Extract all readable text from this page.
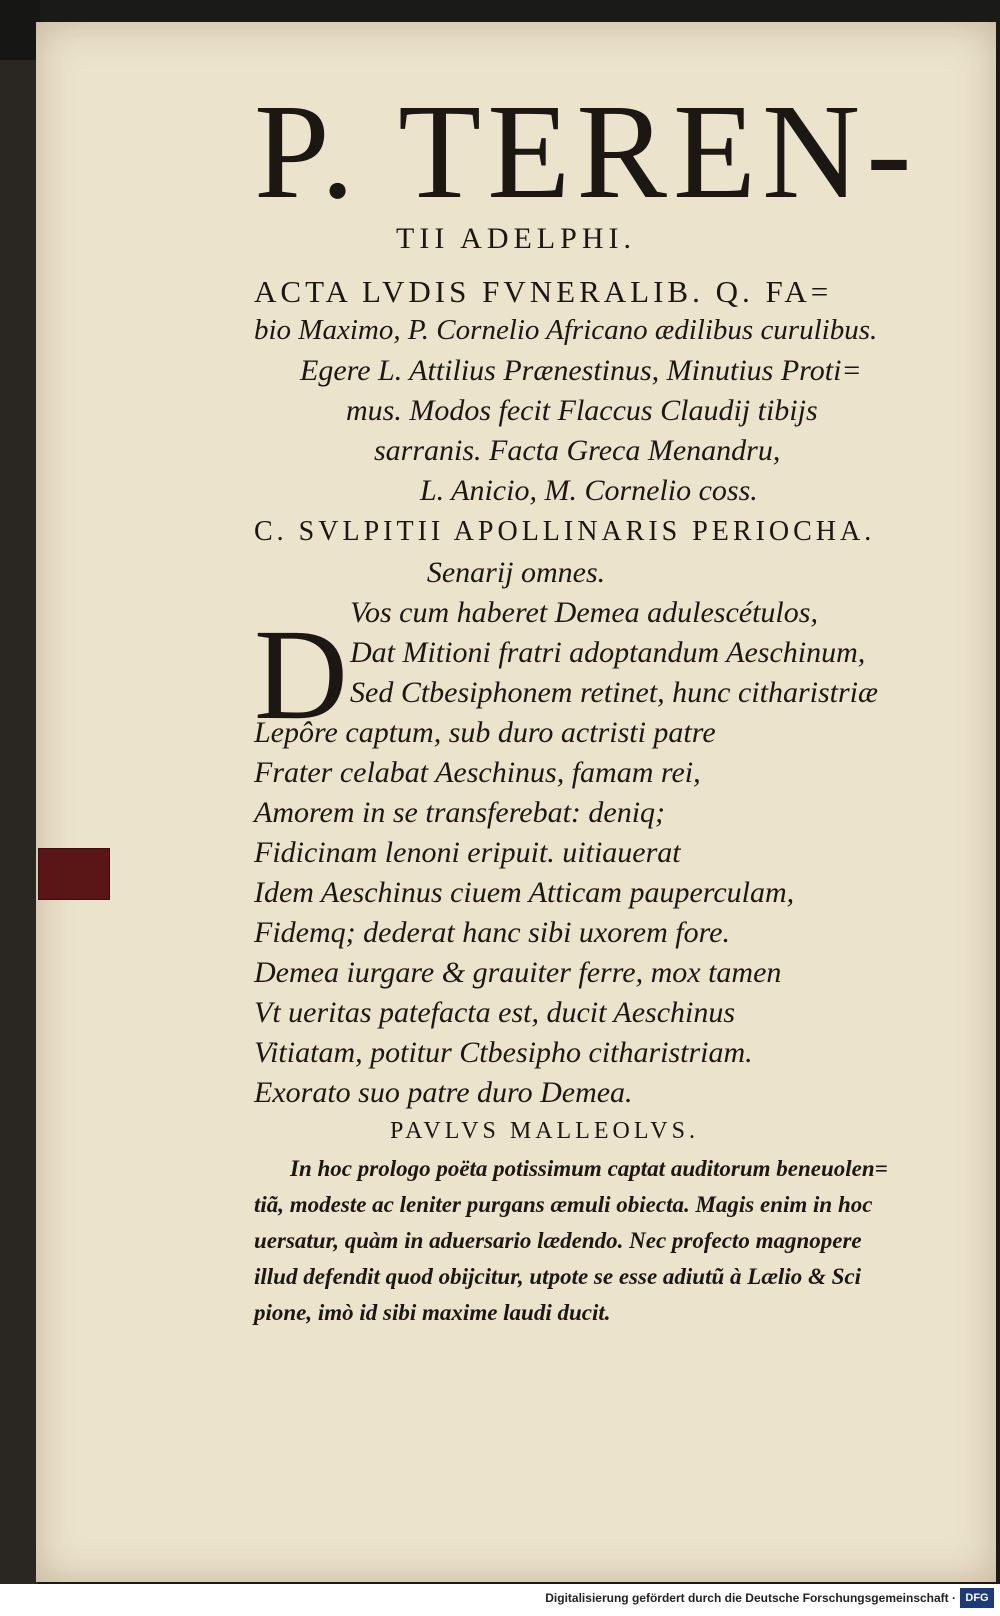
P. TEREN-
TII ADELPHI.
ACTA LVDIS FVNERALIB. Q. FA=
bio Maximo, P. Cornelio Africano ædilibus curulibus.
Egere L. Attilius Prænestinus, Minutius Proti=
mus. Modos fecit Flaccus Claudij tibijs
sarranis. Facta Greca Menandru,
L. Anicio, M. Cornelio coss.
C. SVLPITII APOLLINARIS PERIOCHA.
Senarij omnes.
D Vos cum haberet Demea adulescétulos,
Dat Mitioni fratri adoptandum Aeschinum,
Sed Ctbesiphonem retinet, hunc citharistriæ
Lepôre captum, sub duro actristi patre
Frater celabat Aeschinus, famam rei,
Amorem in se transferebat: deniq;
Fidicinam lenoni eripuit. uitiauerat
Idem Aeschinus ciuem Atticam pauperculam,
Fidemq; dederat hanc sibi uxorem fore.
Demea iurgare & grauiter ferre, mox tamen
Vt ueritas patefacta est, ducit Aeschinus
Vitiatam, potitur Ctbesipho citharistriam.
Exorato suo patre duro Demea.
PAVLVS MALLEOLVS.
In hoc prologo poëta potissimum captat auditorum beneuolen=
tiã, modeste ac leniter purgans æmuli obiecta. Magis enim in hoc
uersatur, quàm in aduersario lædendo. Nec profecto magnopere
illud defendit quod obijcitur, utpote se esse adiutũ à Lælio & Sci
pione, imò id sibi maxime laudi ducit.
Digitalisierung gefördert durch die Deutsche Forschungsgemeinschaft · DFG
